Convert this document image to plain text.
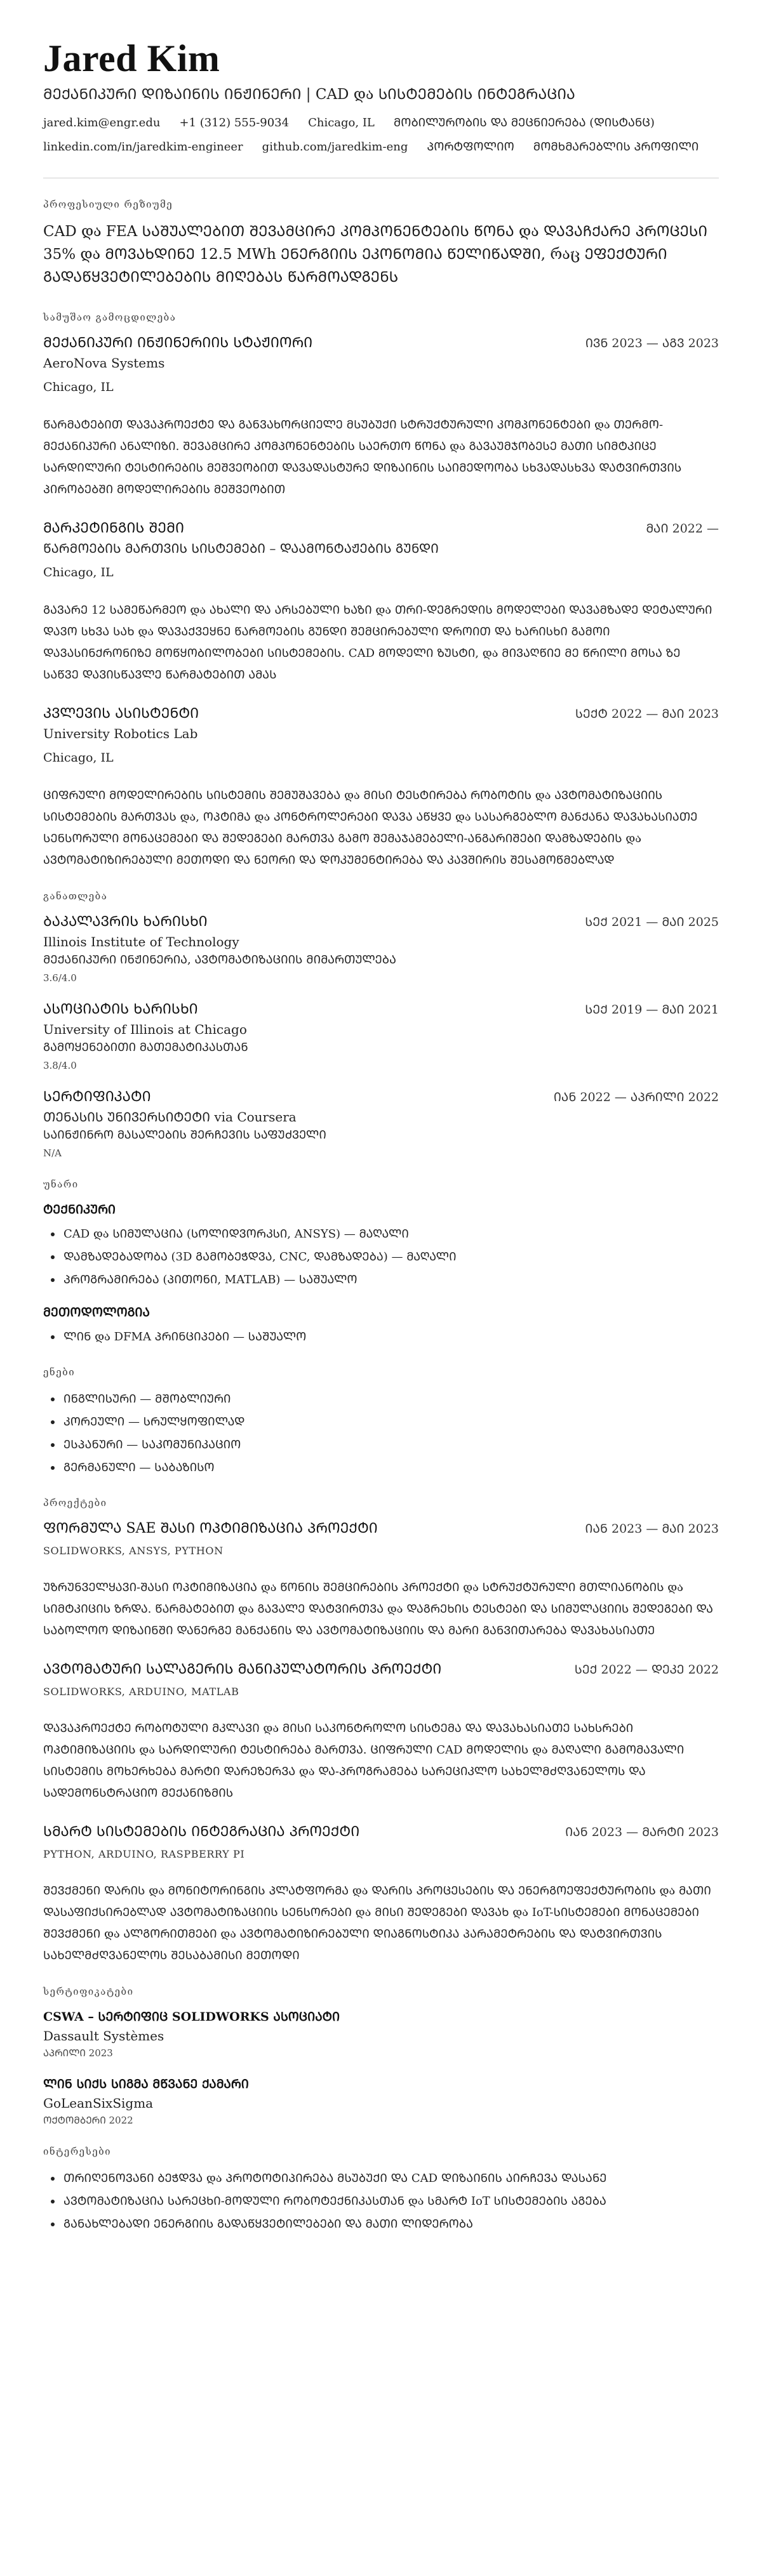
Jared Kim
ᲛᲔᲥᲐᲜᲘᲙᲣᲠᲘ ᲓᲘᲖᲐᲘᲜᲘᲡ ᲘᲜᲟᲘᲜᲔᲠᲘ | CAD და ᲡᲘᲡᲢᲔᲛᲔᲑᲘᲡ ᲘᲜᲢᲔᲒᲠᲐᲪᲘᲐ
jared.kim@engr.edu +1 (312) 555-9034 Chicago, IL ᲛᲝᲑᲘᲚᲣᲠᲝᲑᲘᲡ ᲓᲐ ᲛᲔᲪᲜᲘᲔᲠᲔᲑᲐ (ᲓᲘᲡᲢᲐᲜᲪ)
linkedin.com/in/jaredkim-engineer github.com/jaredkim-eng ᲞᲝᲠᲢᲤᲝᲚᲘᲝ ᲛᲝᲛᲮᲛᲐᲠᲔᲑᲚᲘᲡ ᲞᲠᲝᲤᲘᲚᲘ
პროფესიული რეზიუმე

CAD და FEA ᲡᲐᲨᲣᲐᲚᲔᲑᲘᲗ ᲨᲔᲕᲐᲛᲪᲘᲠᲔ ᲙᲝᲛᲞᲝᲜᲔᲜᲢᲔᲑᲘᲡ ᲬᲝᲜᲐ და ᲓᲐᲕᲐᲩᲥᲐᲠᲔ ᲞᲠᲝᲪᲔᲡᲘ 35% და ᲛᲝᲕᲐᲮᲓᲘᲜᲔ 12.5 MWh ᲔᲜᲔᲠᲒᲘᲘᲡ ᲔᲙᲝᲜᲝᲛᲘᲐ ᲬᲔᲚᲘᲬᲐᲓᲨᲘ, რაც ᲔᲤᲔᲥᲢᲣᲠᲘ ᲒᲐᲓᲐᲬᲧᲕᲔᲢᲘᲚᲔᲑᲔᲑᲘᲡ ᲛᲘᲦᲔᲑᲐᲡ ᲬᲐᲠᲛᲝᲐᲓᲒᲔᲜᲡ

სამუშაო გამოცდილება
ᲛᲔᲥᲐᲜᲘᲙᲣᲠᲘ ᲘᲜᲟᲘᲜᲔᲠᲘᲘᲡ ᲡᲢᲐᲟᲘᲝᲠᲘ	ᲘᲕᲜ 2023 — ᲐᲒᲕ 2023
AeroNova Systems
Chicago, IL

ᲬᲐᲠᲛᲐᲢᲔᲑᲘᲗ ᲓᲐᲕᲐᲞᲠᲝᲔᲥᲢᲔ ᲓᲐ ᲒᲐᲜᲕᲐᲮᲝᲠᲪᲘᲔᲚᲔ ᲛᲡᲣᲑᲣᲥᲘ ᲡᲢᲠᲣᲥᲢᲣᲠᲣᲚᲘ ᲙᲝᲛᲞᲝᲜᲔᲜᲢᲔᲑᲘ და ᲗᲔᲠᲛᲝ-ᲛᲔᲥᲐᲜᲘᲙᲣᲠᲘ ᲐᲜᲐᲚᲘᲖᲘ. ᲨᲔᲕᲐᲛᲪᲘᲠᲔ ᲙᲝᲛᲞᲝᲜᲔᲜᲢᲔᲑᲘᲡ ᲡᲐᲔᲠᲗᲝ ᲬᲝᲜᲐ და ᲒᲐᲕᲐᲣᲛᲯᲝᲑᲔᲡᲔ ᲛᲐᲗᲘ ᲡᲘᲛᲢᲙᲘᲪᲔ ᲡᲐᲠᲓᲘᲚᲣᲠᲘ ᲢᲔᲡᲢᲘᲠᲔᲑᲘᲡ ᲛᲔᲨᲕᲔᲝᲑᲘᲗ ᲓᲐᲕᲐᲓᲐᲡᲢᲣᲠᲔ ᲓᲘᲖᲐᲘᲜᲘᲡ ᲡᲐᲘᲛᲔᲓᲝᲝᲑᲐ ᲡᲮᲕᲐᲓᲐᲡᲮᲕᲐ ᲓᲐᲢᲕᲘᲠᲗᲕᲘᲡ ᲞᲘᲠᲝᲑᲔᲑᲨᲘ ᲛᲝᲓᲔᲚᲘᲠᲔᲑᲘᲡ ᲛᲔᲨᲕᲔᲝᲑᲘᲗ

ᲛᲐᲠᲙᲔᲢᲘᲜᲒᲘᲡ ᲨᲔᲛᲘ	ᲛᲐᲘ 2022 —
ᲬᲐᲠᲛᲝᲔᲑᲘᲡ ᲛᲐᲠᲗᲕᲘᲡ ᲡᲘᲡᲢᲔᲛᲔᲑᲘ – ᲓᲐᲐᲛᲝᲜᲢᲐᲟᲔᲑᲘᲡ ᲒᲣᲜᲓᲘ
Chicago, IL

ᲒᲐᲕᲐᲠᲔ 12 ᲡᲐᲛᲔᲬᲐᲠᲛᲔᲝ და ᲐᲮᲐᲚᲘ ᲓᲐ ᲐᲠᲡᲔᲑᲣᲚᲘ ᲮᲐᲖᲘ და ᲗᲠᲘ-ᲓᲔᲒᲠᲔᲓᲘᲡ ᲛᲝᲓᲔᲚᲔᲑᲘ ᲓᲐᲕᲐᲛᲖᲐᲓᲔ ᲓᲔᲢᲐᲚᲣᲠᲘ ᲓᲐᲕᲝ ᲡᲮᲕᲐ ᲡᲐᲮ და ᲓᲐᲕᲐᲥᲕᲔᲧᲜᲔ ᲬᲐᲠᲛᲝᲔᲑᲘᲡ ᲒᲣᲜᲓᲘ ᲨᲔᲛᲪᲘᲠᲔᲑᲣᲚᲘ ᲓᲠᲝᲘᲗ ᲓᲐ ᲮᲐᲠᲘᲡᲮᲘ ᲒᲐᲛᲝᲘ ᲓᲐᲕᲐᲡᲘᲜᲥᲠᲝᲜᲘᲖᲔ ᲛᲝᲬᲧᲝᲑᲘᲚᲝᲑᲔᲑᲘ ᲡᲘᲡᲢᲔᲛᲔᲑᲘᲡ. CAD ᲛᲝᲓᲔᲚᲘ ᲖᲣᲡᲢᲘ, და ᲛᲘᲕᲐᲦᲬᲘᲔ ᲛᲔ ᲬᲠᲘᲚᲘ ᲛᲝᲡᲐ ᲖᲔ ᲡᲐᲬᲕᲔ ᲓᲐᲕᲘᲡᲬᲐᲕᲚᲔ ᲬᲐᲠᲛᲐᲢᲔᲑᲘᲗ ᲐᲛᲐᲡ

ᲙᲕᲚᲔᲕᲘᲡ ᲐᲡᲘᲡᲢᲔᲜᲢᲘ	ᲡᲔᲥᲢ 2022 — ᲛᲐᲘ 2023
University Robotics Lab
Chicago, IL

ᲪᲘᲤᲠᲣᲚᲘ ᲛᲝᲓᲔᲚᲘᲠᲔᲑᲘᲡ ᲡᲘᲡᲢᲔᲛᲘᲡ ᲨᲔᲛᲣᲨᲐᲕᲔᲑᲐ და ᲛᲘᲡᲘ ᲢᲔᲡᲢᲘᲠᲔᲑᲐ ᲠᲝᲑᲝᲢᲘᲡ და ᲐᲕᲢᲝᲛᲐᲢᲘᲖᲐᲪᲘᲘᲡ ᲡᲘᲡᲢᲔᲛᲔᲑᲘᲡ ᲛᲐᲠᲗᲕᲐᲡ და, ᲝᲞᲢᲘᲛᲐ და ᲙᲝᲜᲢᲠᲝᲚᲔᲠᲔᲑᲘ ᲓᲐᲕᲐ ᲐᲬᲧᲕᲔ და ᲡᲐᲡᲐᲠᲒᲔᲑᲚᲝ ᲛᲐᲜᲥᲐᲜᲐ ᲓᲐᲕᲐᲮᲐᲡᲘᲐᲗᲔ ᲡᲔᲜᲡᲝᲠᲣᲚᲘ ᲛᲝᲜᲐᲪᲔᲛᲔᲑᲘ ᲓᲐ ᲨᲔᲓᲔᲒᲔᲑᲘ ᲛᲐᲠᲗᲕᲐ ᲒᲐᲛᲝ ᲨᲔᲛᲐᲯᲐᲛᲔᲑᲔᲚᲘ-ᲐᲜᲒᲐᲠᲘᲨᲔᲑᲘ ᲓᲐᲛᲖᲐᲓᲔᲑᲘᲡ და ᲐᲕᲢᲝᲛᲐᲢᲘᲖᲘᲠᲔᲑᲣᲚᲘ ᲛᲔᲗᲝᲓᲘ ᲓᲐ ᲜᲔᲝᲠᲘ ᲓᲐ ᲓᲝᲙᲣᲛᲔᲜᲢᲘᲠᲔᲑᲐ ᲓᲐ ᲙᲐᲕᲨᲘᲠᲘᲡ ᲨᲔᲡᲐᲛᲝᲬᲛᲔᲑᲚᲐᲓ

განათლება
ᲑᲐᲙᲐᲚᲐᲕᲠᲘᲡ ᲮᲐᲠᲘᲡᲮᲘ	ᲡᲔᲥ 2021 — ᲛᲐᲘ 2025
Illinois Institute of Technology
ᲛᲔᲥᲐᲜᲘᲙᲣᲠᲘ ᲘᲜᲟᲘᲜᲔᲠᲘᲐ, ᲐᲕᲢᲝᲛᲐᲢᲘᲖᲐᲪᲘᲘᲡ ᲛᲘᲛᲐᲠᲗᲣᲚᲔᲑᲐ
3.6/4.0
ᲐᲡᲝᲪᲘᲐᲢᲘᲡ ᲮᲐᲠᲘᲡᲮᲘ	ᲡᲔᲥ 2019 — ᲛᲐᲘ 2021
University of Illinois at Chicago
ᲒᲐᲛᲝᲧᲔᲜᲔᲑᲘᲗᲘ ᲛᲐᲗᲔᲛᲐᲢᲘᲙᲐᲡᲗᲐᲜ
3.8/4.0
ᲡᲔᲠᲢᲘᲤᲘᲙᲐᲢᲘ	ᲘᲐᲜ 2022 — ᲐᲞᲠᲘᲚᲘ 2022
ᲗᲔᲜᲐᲡᲘᲡ ᲣᲜᲘᲕᲔᲠᲡᲘᲢᲔᲢᲘ via Coursera
ᲡᲐᲘᲜᲟᲘᲜᲠᲝ ᲛᲐᲡᲐᲚᲔᲑᲘᲡ ᲨᲔᲠᲩᲔᲕᲘᲡ ᲡᲐᲤᲣᲫᲕᲔᲚᲘ
N/A
უნარი
ᲢᲔᲥᲜᲘᲙᲣᲠᲘ
CAD და ᲡᲘᲛᲣᲚᲐᲪᲘᲐ (ᲡᲝᲚᲘᲓᲕᲝᲠᲙᲡᲘ, ANSYS) — ᲛᲐᲦᲐᲚᲘ
ᲓᲐᲛᲖᲐᲓᲔᲑᲐᲓᲝᲑᲐ (3D ᲒᲐᲛᲝᲑᲔᲭᲓᲕᲐ, CNC, ᲓᲐᲛᲖᲐᲓᲔᲑᲐ) — ᲛᲐᲦᲐᲚᲘ
ᲞᲠᲝᲒᲠᲐᲛᲘᲠᲔᲑᲐ (ᲞᲘᲗᲝᲜᲘ, MATLAB) — ᲡᲐᲨᲣᲐᲚᲝ
ᲛᲔᲗᲝᲓᲝᲚᲝᲒᲘᲐ
ᲚᲘᲜ და DFMA ᲞᲠᲘᲜᲪᲘᲞᲔᲑᲘ — ᲡᲐᲨᲣᲐᲚᲝ
ენები
ᲘᲜᲒᲚᲘᲡᲣᲠᲘ — ᲛᲨᲝᲑᲚᲘᲣᲠᲘ
ᲙᲝᲠᲔᲣᲚᲘ — ᲡᲠᲣᲚᲧᲝᲤᲘᲚᲐᲓ
ᲔᲡᲞᲐᲜᲣᲠᲘ — ᲡᲐᲙᲝᲛᲣᲜᲘᲙᲐᲪᲘᲝ
ᲒᲔᲠᲛᲐᲜᲣᲚᲘ — ᲡᲐᲑᲐᲖᲘᲡᲝ
პროექტები
ᲤᲝᲠᲛᲣᲚᲐ SAE ᲨᲐᲡᲘ ᲝᲞᲢᲘᲛᲘᲖᲐᲪᲘᲐ ᲞᲠᲝᲔᲥᲢᲘ	ᲘᲐᲜ 2023 — ᲛᲐᲘ 2023
SOLIDWORKS, ANSYS, PYTHON

ᲣᲖᲠᲣᲜᲕᲔᲚᲧᲐᲕᲘ-ᲨᲐᲡᲘ ᲝᲞᲢᲘᲛᲘᲖᲐᲪᲘᲐ და ᲬᲝᲜᲘᲡ ᲨᲔᲛᲪᲘᲠᲔᲑᲘᲡ ᲞᲠᲝᲔᲥᲢᲘ და ᲡᲢᲠᲣᲥᲢᲣᲠᲣᲚᲘ ᲛᲗᲚᲘᲐᲜᲝᲑᲘᲡ და ᲡᲘᲛᲢᲙᲘᲪᲘᲡ ᲖᲠᲓᲐ. ᲬᲐᲠᲛᲐᲢᲔᲑᲘᲗ და ᲒᲐᲕᲐᲚᲔ ᲓᲐᲢᲕᲘᲠᲗᲕᲐ და ᲓᲐᲒᲠᲔᲮᲘᲡ ᲢᲔᲡᲢᲔᲑᲘ ᲓᲐ ᲡᲘᲛᲣᲚᲐᲪᲘᲘᲡ ᲨᲔᲓᲔᲒᲔᲑᲘ ᲓᲐ ᲡᲐᲑᲝᲚᲝᲝ ᲓᲘᲖᲐᲘᲜᲨᲘ ᲓᲐᲜᲔᲠᲒᲔ ᲛᲐᲜᲥᲐᲜᲘᲡ ᲓᲐ ᲐᲕᲢᲝᲛᲐᲢᲘᲖᲐᲪᲘᲘᲡ ᲓᲐ ᲛᲐᲠᲘ ᲒᲐᲜᲕᲘᲗᲐᲠᲔᲑᲐ ᲓᲐᲕᲐᲮᲐᲡᲘᲐᲗᲔ

ᲐᲕᲢᲝᲛᲐᲢᲣᲠᲘ ᲡᲐᲚᲐᲒᲔᲠᲘᲡ ᲛᲐᲜᲘᲞᲣᲚᲐᲢᲝᲠᲘᲡ ᲞᲠᲝᲔᲥᲢᲘ	ᲡᲔᲥ 2022 — ᲓᲔᲙᲔ 2022
SOLIDWORKS, ARDUINO, MATLAB

ᲓᲐᲕᲐᲞᲠᲝᲔᲥᲢᲔ ᲠᲝᲑᲝᲢᲣᲚᲘ ᲛᲙᲚᲐᲕᲘ და ᲛᲘᲡᲘ ᲡᲐᲙᲝᲜᲢᲠᲝᲚᲝ ᲡᲘᲡᲢᲔᲛᲐ ᲓᲐ ᲓᲐᲕᲐᲮᲐᲡᲘᲐᲗᲔ ᲡᲐᲮᲡᲠᲔᲑᲘ ᲝᲞᲢᲘᲛᲘᲖᲐᲪᲘᲘᲡ და ᲡᲐᲠᲓᲘᲚᲣᲠᲘ ᲢᲔᲡᲢᲘᲠᲔᲑᲐ ᲛᲐᲠᲗᲕᲐ. ᲪᲘᲤᲠᲣᲚᲘ CAD ᲛᲝᲓᲔᲚᲘᲡ და ᲛᲐᲦᲐᲚᲘ ᲒᲐᲛᲝᲛᲐᲕᲐᲚᲘ ᲡᲘᲡᲢᲔᲛᲘᲡ ᲛᲝᲮᲔᲠᲮᲔᲑᲐ ᲛᲐᲠᲢᲘ ᲓᲐᲠᲔᲖᲔᲠᲕᲐ და ᲓᲐ-ᲞᲠᲝᲒᲠᲐᲛᲔᲑᲐ ᲡᲐᲠᲔᲪᲘᲙᲚᲝ ᲡᲐᲮᲔᲚᲛᲫᲦᲕᲐᲜᲔᲚᲝᲡ ᲓᲐ ᲡᲐᲓᲔᲛᲝᲜᲡᲢᲠᲐᲪᲘᲝ ᲛᲔᲥᲐᲜᲘᲖᲛᲘᲡ

ᲡᲛᲐᲠᲢ ᲡᲘᲡᲢᲔᲛᲔᲑᲘᲡ ᲘᲜᲢᲔᲒᲠᲐᲪᲘᲐ ᲞᲠᲝᲔᲥᲢᲘ	ᲘᲐᲜ 2023 — ᲛᲐᲠᲢᲘ 2023
PYTHON, ARDUINO, RASPBERRY PI

ᲨᲔᲕᲥᲛᲔᲜᲘ ᲓᲐᲠᲘᲡ და ᲛᲝᲜᲘᲢᲝᲠᲘᲜᲒᲘᲡ ᲞᲚᲐᲢᲤᲝᲠᲛᲐ და ᲓᲐᲠᲘᲡ ᲞᲠᲝᲪᲔᲡᲔᲑᲘᲡ ᲓᲐ ᲔᲜᲔᲠᲒᲝᲔᲤᲔᲥᲢᲣᲠᲝᲑᲘᲡ და ᲛᲐᲗᲘ ᲓᲐᲡᲐᲤᲘᲥᲡᲘᲠᲔᲑᲚᲐᲓ ᲐᲕᲢᲝᲛᲐᲢᲘᲖᲐᲪᲘᲘᲡ ᲡᲔᲜᲡᲝᲠᲔᲑᲘ და ᲛᲘᲡᲘ ᲨᲔᲓᲔᲒᲔᲑᲘ ᲓᲐᲕᲐᲮ და IoT-ᲡᲘᲡᲢᲔᲛᲔᲑᲘ ᲛᲝᲜᲐᲪᲔᲛᲔᲑᲘ ᲨᲔᲕᲥᲛᲔᲜᲘ და ᲐᲚᲒᲝᲠᲘᲗᲛᲔᲑᲘ და ᲐᲕᲢᲝᲛᲐᲢᲘᲖᲘᲠᲔᲑᲣᲚᲘ ᲓᲘᲐᲒᲜᲝᲡᲢᲘᲙᲐ ᲞᲐᲠᲐᲛᲔᲢᲠᲔᲑᲘᲡ ᲓᲐ ᲓᲐᲢᲕᲘᲠᲗᲕᲘᲡ ᲡᲐᲮᲔᲚᲛᲫᲦᲕᲐᲜᲔᲚᲝᲡ ᲨᲔᲡᲐᲑᲐᲛᲘᲡᲘ ᲛᲔᲗᲝᲓᲘ

სერტიფიკატები
CSWA – ᲡᲔᲠᲢᲘᲤᲘᲪ SOLIDWORKS ᲐᲡᲝᲪᲘᲐᲢᲘ
Dassault Systèmes
ᲐᲞᲠᲘᲚᲘ 2023
ᲚᲘᲜ ᲡᲘᲥᲡ ᲡᲘᲒᲛᲐ ᲛᲬᲕᲐᲜᲔ ᲥᲐᲛᲐᲠᲘ
GoLeanSixSigma
ᲝᲥᲢᲝᲛᲑᲔᲠᲘ 2022
ინტერესები
ᲗᲠᲘᲦᲔᲜᲝᲕᲐᲜᲘ ᲑᲔᲭᲓᲕᲐ და ᲞᲠᲝᲢᲝᲢᲘᲞᲘᲠᲔᲑᲐ ᲛᲡᲣᲑᲣᲥᲘ ᲓᲐ CAD ᲓᲘᲖᲐᲘᲜᲘᲡ ᲐᲘᲠᲩᲔᲕᲐ ᲓᲐᲡᲐᲜᲔ
ᲐᲕᲢᲝᲛᲐᲢᲘᲖᲐᲪᲘᲐ ᲡᲐᲠᲔᲪᲮᲘ-ᲛᲝᲓᲣᲚᲘ ᲠᲝᲑᲝᲢᲔᲥᲜᲘᲙᲐᲡᲗᲐᲜ და ᲡᲛᲐᲠᲢ IoT ᲡᲘᲡᲢᲔᲛᲔᲑᲘᲡ ᲐᲒᲔᲑᲐ
ᲒᲐᲜᲐᲮᲚᲔᲑᲐᲓᲘ ᲔᲜᲔᲠᲒᲘᲘᲡ ᲒᲐᲓᲐᲬᲧᲕᲔᲢᲘᲚᲔᲑᲔᲑᲘ ᲓᲐ ᲛᲐᲗᲘ ᲚᲘᲓᲔᲠᲝᲑᲐ
